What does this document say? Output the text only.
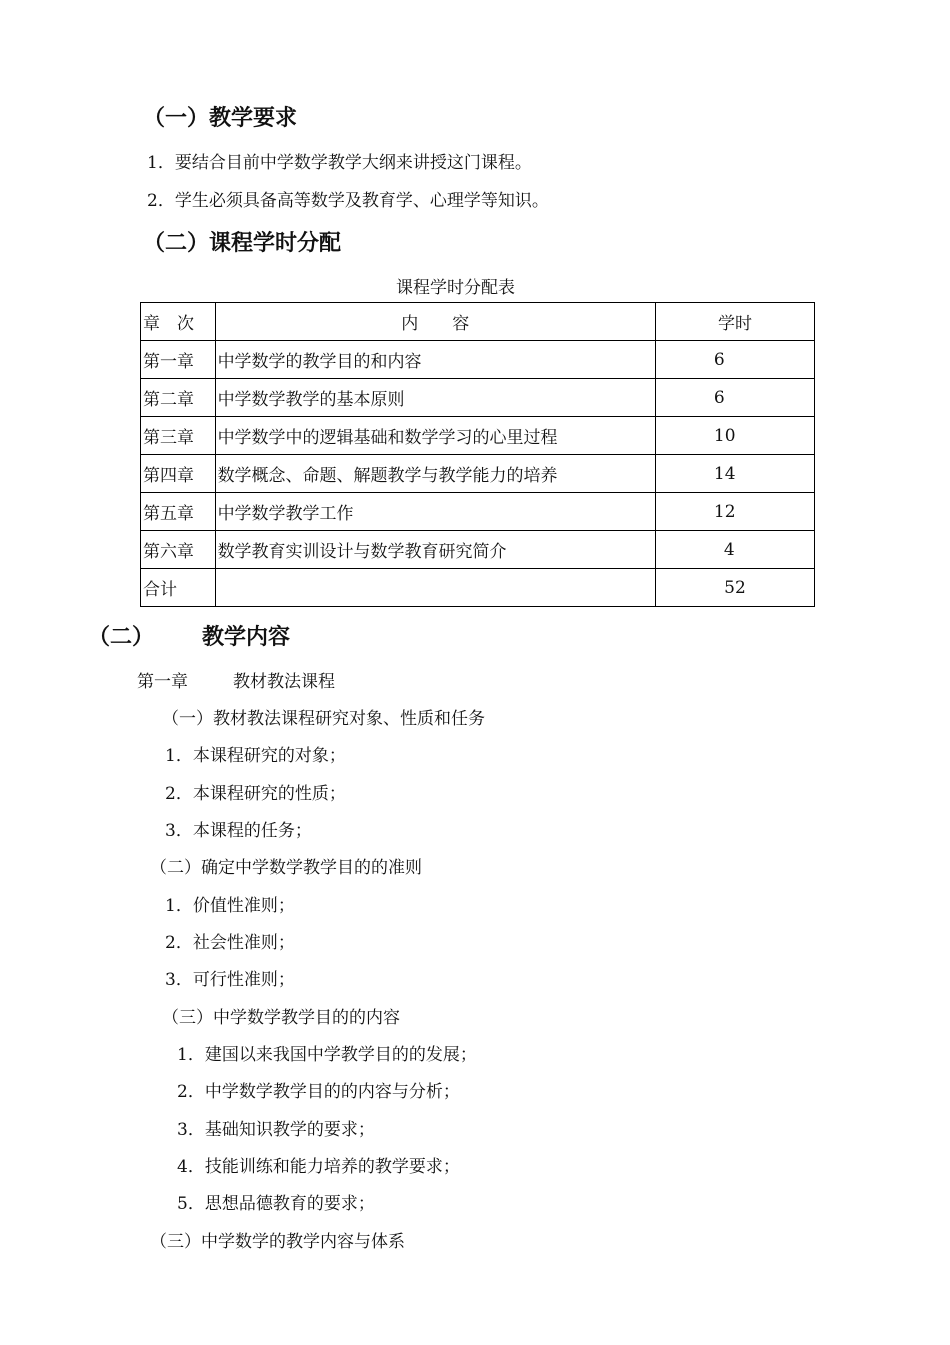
（一）教学要求
1．要结合目前中学数学教学大纲来讲授这门课程。
2．学生必须具备高等数学及教育学、心理学等知识。
（二）课程学时分配
课程学时分配表
章　次	内　　容	学时
第一章	中学数学的教学目的和内容	6
第二章	中学数学教学的基本原则	6
第三章	中学数学中的逻辑基础和数学学习的心里过程	10
第四章	数学概念、命题、解题教学与教学能力的培养	14
第五章	中学数学教学工作	12
第六章	数学教育实训设计与数学教育研究简介	4
合计		52
（二） 教学内容
第一章	教材教法课程
（一）教材教法课程研究对象、性质和任务
1．本课程研究的对象；
2．本课程研究的性质；
3．本课程的任务；
（二）确定中学数学教学目的的准则
1．价值性准则；
2．社会性准则；
3．可行性准则；
（三）中学数学教学目的的内容
1．建国以来我国中学教学目的的发展；
2．中学数学教学目的的内容与分析；
3．基础知识教学的要求；
4．技能训练和能力培养的教学要求；
5．思想品德教育的要求；
（三）中学数学的教学内容与体系
